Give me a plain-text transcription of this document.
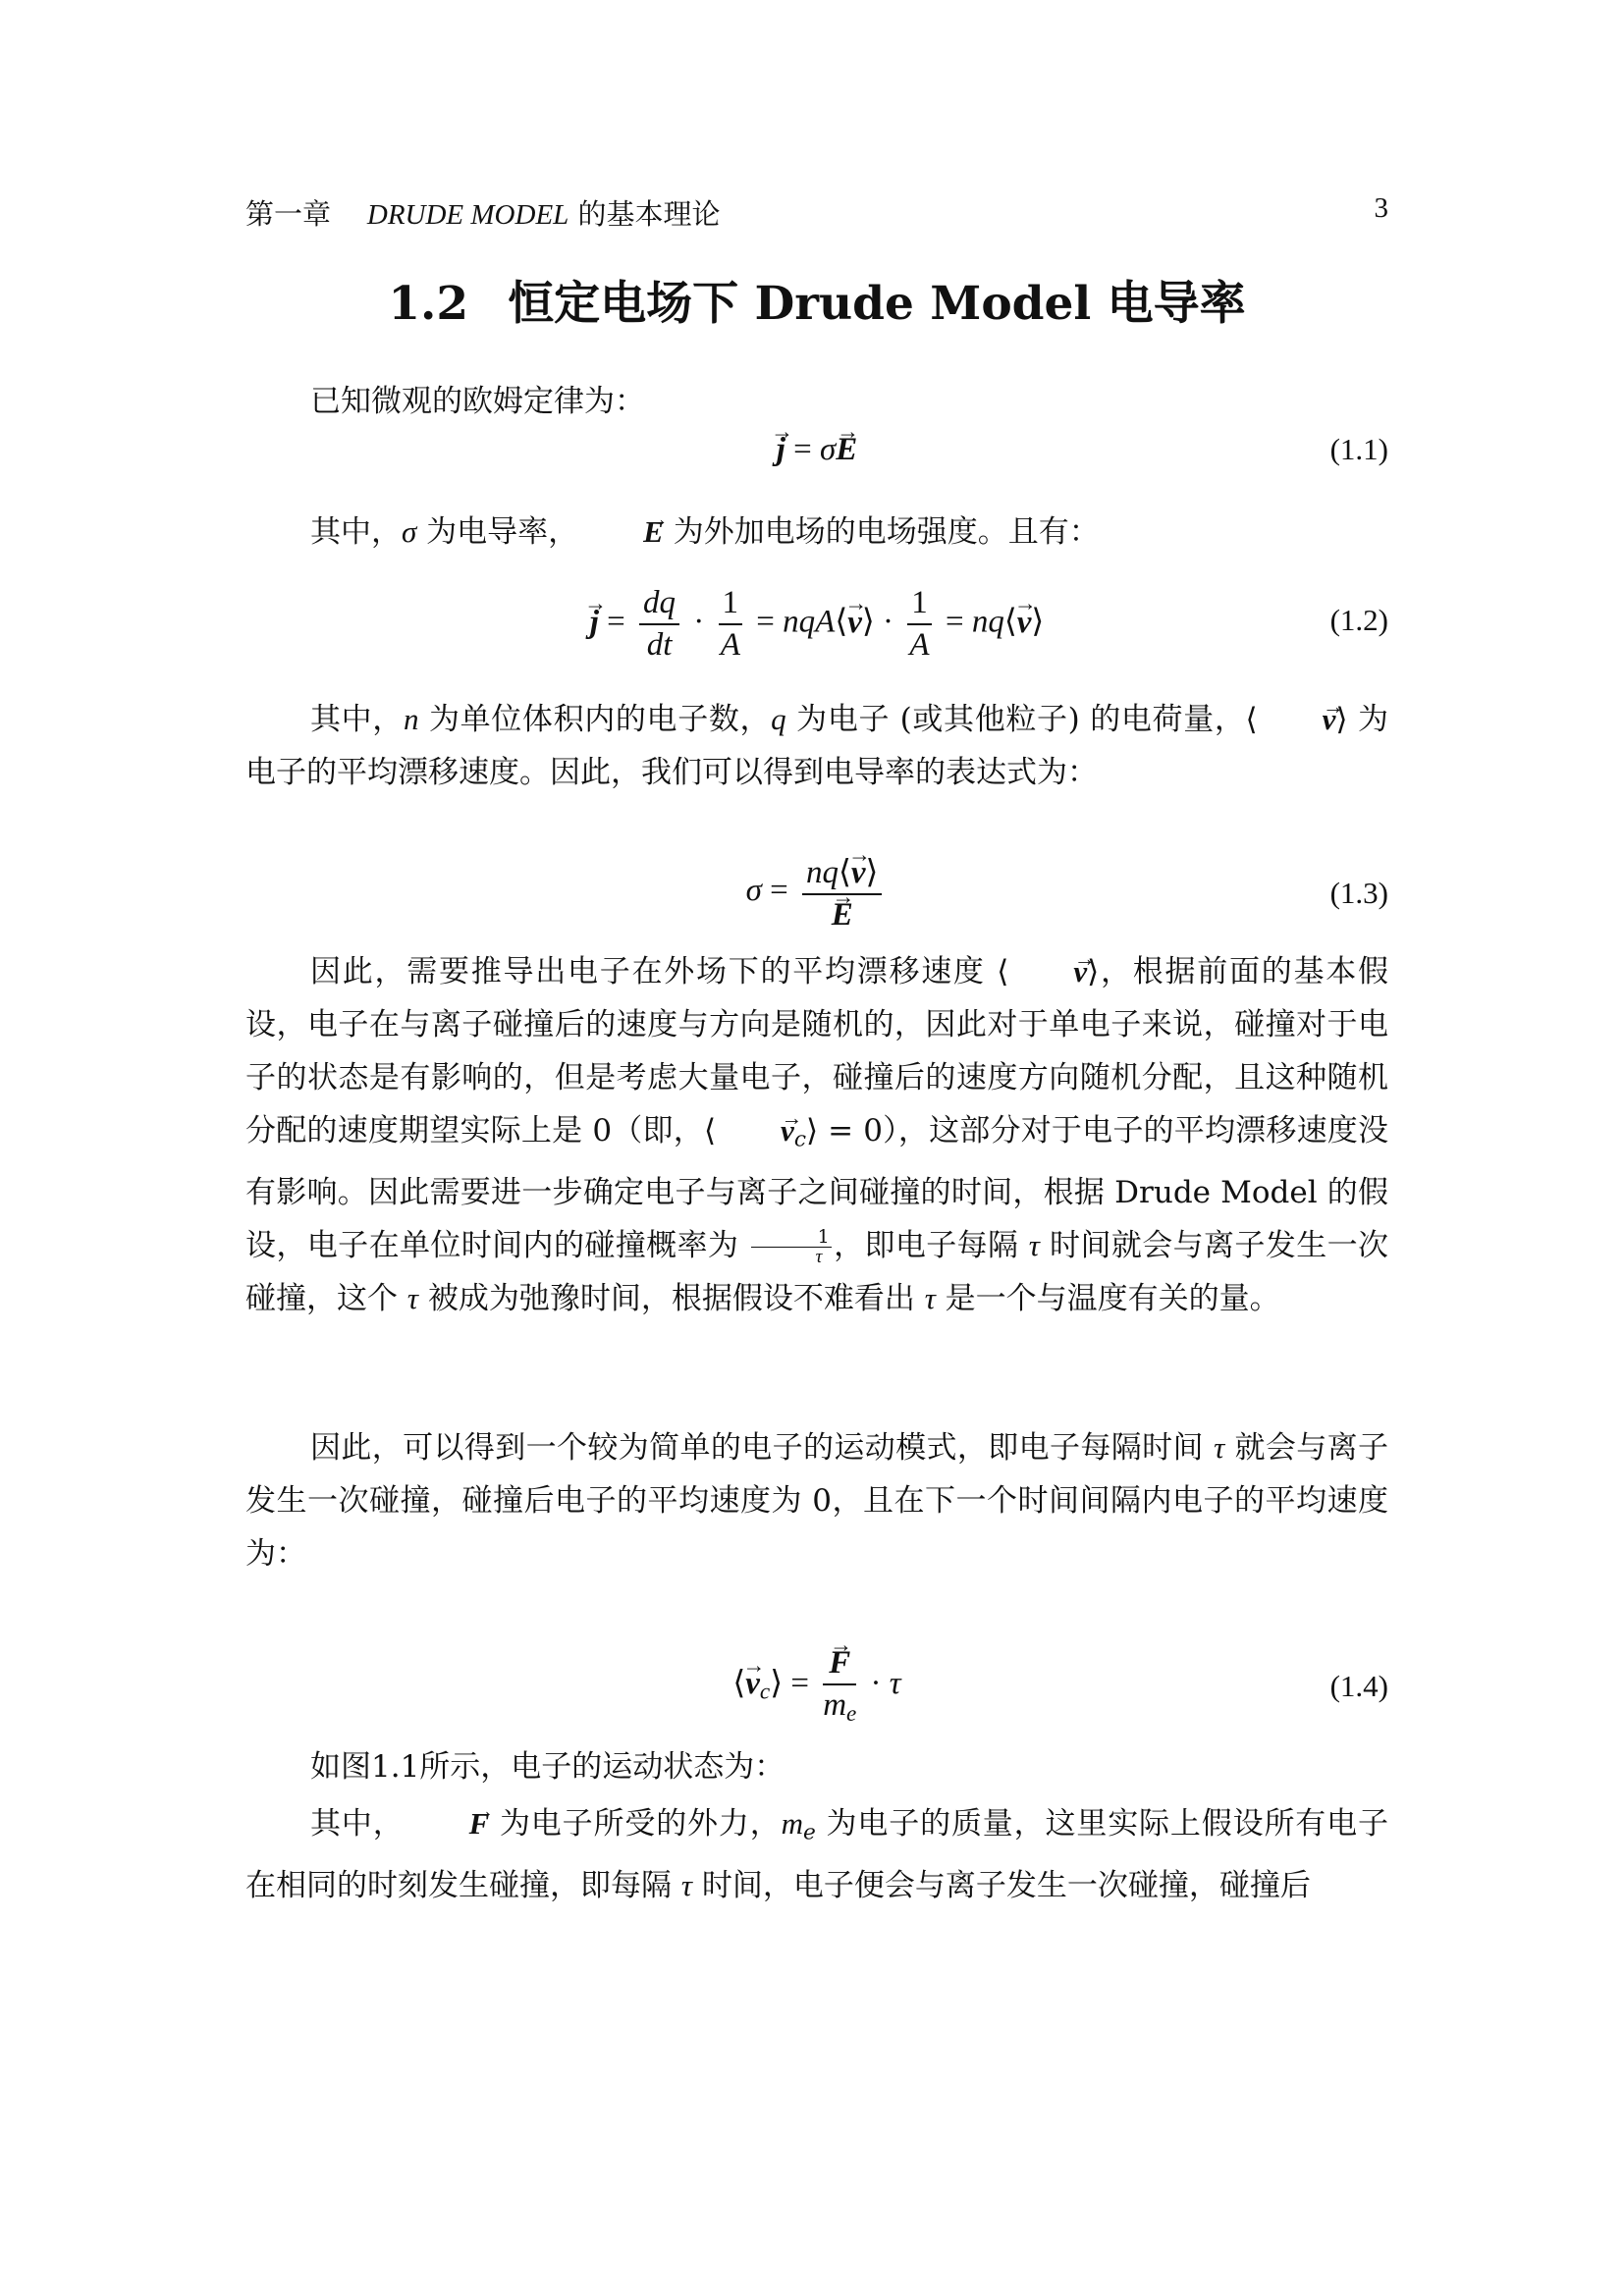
第一章 DRUDE MODEL 的基本理论	3
1.2 恒定电场下 Drude Model 电导率
已知微观的欧姆定律为：
→ j = σ→ E	(1.1)
其中，σ 为电导率， → E 为外加电场的电场强度。且有：
→ $j = \frac{dq}{dt} \cdot \frac{1}{A}$ = nqA⟨→ v⟩ · $\frac{1}{A}$ = nq⟨→ v⟩	(1.2)
其中，n 为单位体积内的电子数，q 为电子 (或其他粒子) 的电荷量，⟨ → v⟩ 为电子的平均漂移速度。因此，我们可以得到电导率的表达式为：
σ = nq⟨→ v⟩
→ E	(1.3)
因此，需要推导出电子在外场下的平均漂移速度 ⟨ → v⟩，根据前面的基本假设，电子在与离子碰撞后的速度与方向是随机的，因此对于单电子来说，碰撞对于电子的状态是有影响的，但是考虑大量电子，碰撞后的速度方向随机分配，且这种随机分配的速度期望实际上是 0（即，⟨ → $v_c⟩ = 0$），这部分对于电子的平均漂移速度没有影响。因此需要进一步确定电子与离子之间碰撞的时间，根据 Drude Model 的假设，电子在单位时间内的碰撞概率为 $\frac{1}{\tau}$ ，即电子每隔 τ 时间就会与离子发生一次碰撞，这个 τ 被成为弛豫时间，根据假设不难看出 τ 是一个与温度有关的量。
因此，可以得到一个较为简单的电子的运动模式，即电子每隔时间 τ 就会与离子发生一次碰撞，碰撞后电子的平均速度为 0，且在下一个时间间隔内电子的平均速度为：
⟨→ $v_c⟩$ = → $\frac{F}{m_e} \cdot \tau$	(1.4)
如图1.1所示，电子的运动状态为：
其中， → F 为电子所受的外力，$m_e$ 为电子的质量，这里实际上假设所有电子在相同的时刻发生碰撞，即每隔 τ 时间，电子便会与离子发生一次碰撞，碰撞后
